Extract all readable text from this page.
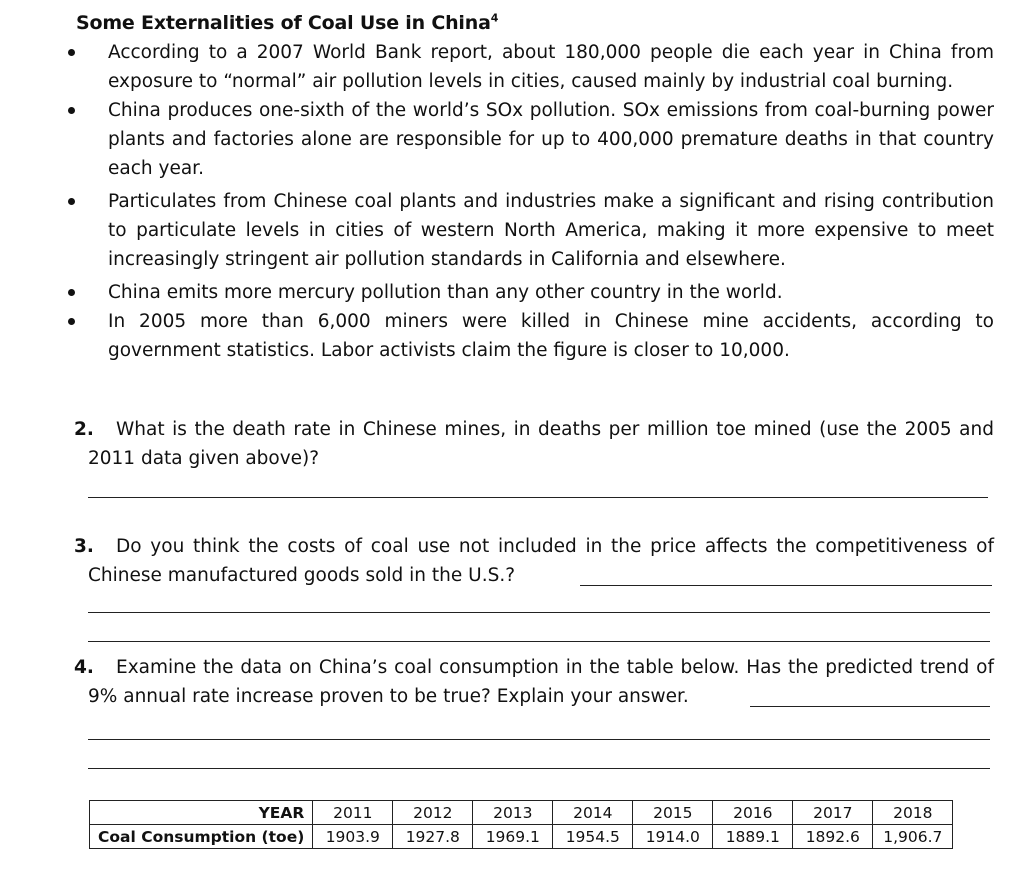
Some Externalities of Coal Use in China$^4$
According to a 2007 World Bank report, about 180,000 people die each year in China from exposure to “normal” air pollution levels in cities, caused mainly by industrial coal burning.
China produces one-sixth of the world’s SOx pollution. SOx emissions from coal-burning power plants and factories alone are responsible for up to 400,000 premature deaths in that country each year.
Particulates from Chinese coal plants and industries make a significant and rising contribution to particulate levels in cities of western North America, making it more expensive to meet increasingly stringent air pollution standards in California and elsewhere.
China emits more mercury pollution than any other country in the world.
In 2005 more than 6,000 miners were killed in Chinese mine accidents, according to government statistics. Labor activists claim the figure is closer to 10,000.
2.	What is the death rate in Chinese mines, in deaths per million toe mined (use the 2005 and 2011 data given above)?
3.	Do you think the costs of coal use not included in the price affects the competitiveness of Chinese manufactured goods sold in the U.S.?
4.	Examine the data on China’s coal consumption in the table below. Has the predicted trend of 9% annual rate increase proven to be true? Explain your answer.
YEAR	2011	2012	2013	2014	2015	2016	2017	2018
Coal Consumption (toe)	1903.9	1927.8	1969.1	1954.5	1914.0	1889.1	1892.6	1,906.7
